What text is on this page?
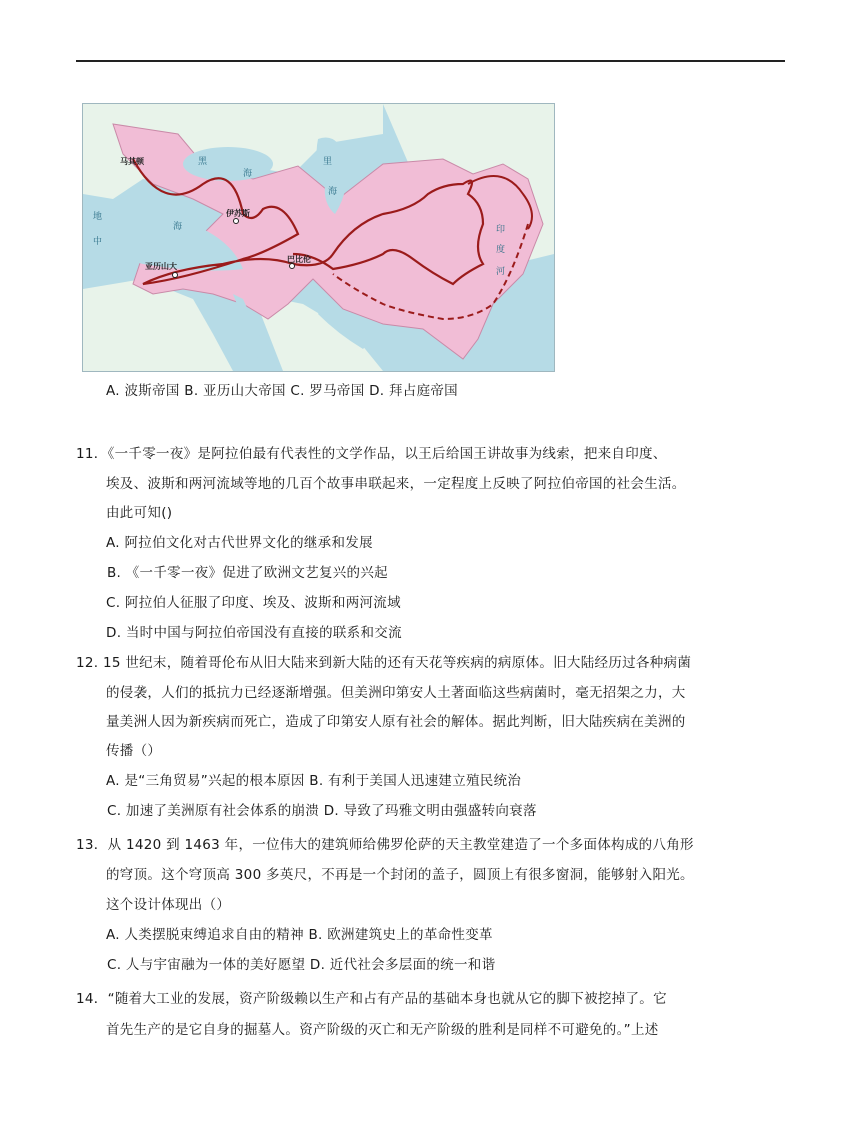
马其顿
伊苏斯
亚历山大
巴比伦
地
中
海
黑
海
里
海
印
度
河
A. 波斯帝国 B. 亚历山大帝国 C. 罗马帝国 D. 拜占庭帝国
11．《一千零一夜》是阿拉伯最有代表性的文学作品，以王后给国王讲故事为线索，把来自印度、
埃及、波斯和两河流域等地的几百个故事串联起来，一定程度上反映了阿拉伯帝国的社会生活。
由此可知()
A. 阿拉伯文化对古代世界文化的继承和发展
B. 《一千零一夜》促进了欧洲文艺复兴的兴起
C. 阿拉伯人征服了印度、埃及、波斯和两河流域
D. 当时中国与阿拉伯帝国没有直接的联系和交流
12. 15 世纪末，随着哥伦布从旧大陆来到新大陆的还有天花等疾病的病原体。旧大陆经历过各种病菌
的侵袭，人们的抵抗力已经逐渐增强。但美洲印第安人土著面临这些病菌时，毫无招架之力，大
量美洲人因为新疾病而死亡，造成了印第安人原有社会的解体。据此判断，旧大陆疾病在美洲的
传播（）
A. 是“三角贸易”兴起的根本原因 B. 有利于美国人迅速建立殖民统治
C. 加速了美洲原有社会体系的崩溃 D. 导致了玛雅文明由强盛转向衰落
13．从 1420 到 1463 年，一位伟大的建筑师给佛罗伦萨的天主教堂建造了一个多面体构成的八角形
的穹顶。这个穹顶高 300 多英尺，不再是一个封闭的盖子，圆顶上有很多窗洞，能够射入阳光。
这个设计体现出（）
A. 人类摆脱束缚追求自由的精神 B. 欧洲建筑史上的革命性变革
C. 人与宇宙融为一体的美好愿望 D. 近代社会多层面的统一和谐
14．“随着大工业的发展，资产阶级赖以生产和占有产品的基础本身也就从它的脚下被挖掉了。它
首先生产的是它自身的掘墓人。资产阶级的灭亡和无产阶级的胜利是同样不可避免的。”上述
